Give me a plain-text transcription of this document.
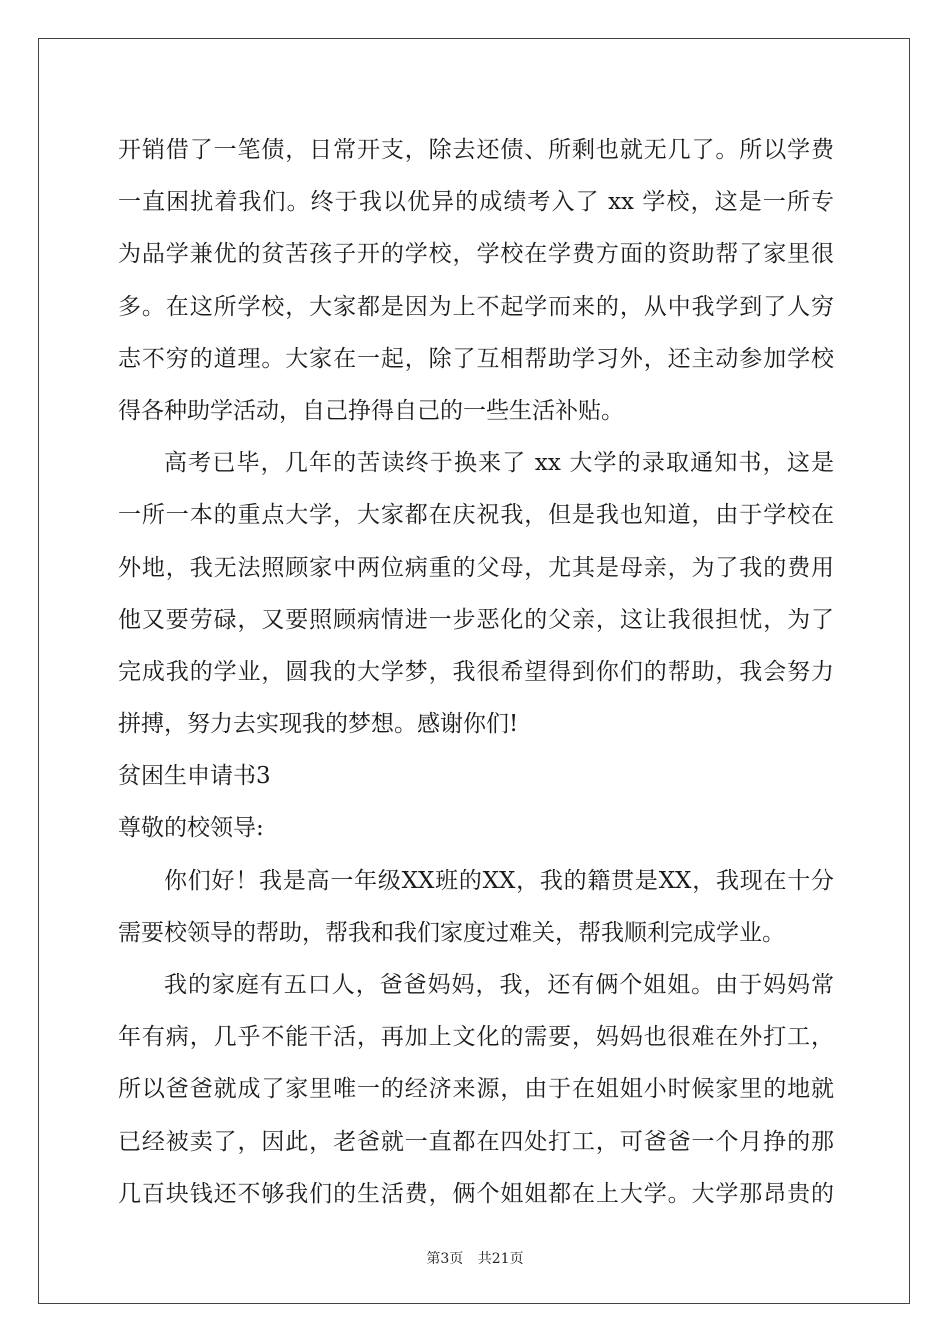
开销借了一笔债，日常开支，除去还债、所剩也就无几了。所以学费
一直困扰着我们。终于我以优异的成绩考入了 xx 学校，这是一所专
为品学兼优的贫苦孩子开的学校，学校在学费方面的资助帮了家里很
多。在这所学校，大家都是因为上不起学而来的，从中我学到了人穷
志不穷的道理。大家在一起，除了互相帮助学习外，还主动参加学校
得各种助学活动，自己挣得自己的一些生活补贴。
高考已毕，几年的苦读终于换来了 xx 大学的录取通知书，这是
一所一本的重点大学，大家都在庆祝我，但是我也知道，由于学校在
外地，我无法照顾家中两位病重的父母，尤其是母亲，为了我的费用
他又要劳碌，又要照顾病情进一步恶化的父亲，这让我很担忧，为了
完成我的学业，圆我的大学梦，我很希望得到你们的帮助，我会努力
拼搏，努力去实现我的梦想。感谢你们!
贫困生申请书3
尊敬的校领导:
你们好！我是高一年级XX班的XX，我的籍贯是XX，我现在十分
需要校领导的帮助，帮我和我们家度过难关，帮我顺利完成学业。
我的家庭有五口人，爸爸妈妈，我，还有俩个姐姐。由于妈妈常
年有病，几乎不能干活，再加上文化的需要，妈妈也很难在外打工，
所以爸爸就成了家里唯一的经济来源，由于在姐姐小时候家里的地就
已经被卖了，因此，老爸就一直都在四处打工，可爸爸一个月挣的那
几百块钱还不够我们的生活费，俩个姐姐都在上大学。大学那昂贵的
第3页 共21页
